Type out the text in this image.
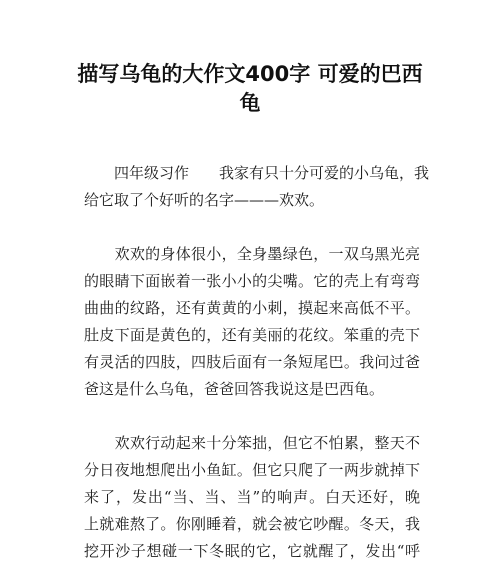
描写乌龟的大作文400字 可爱的巴西
龟
　　四年级习作　　我家有只十分可爱的小乌龟，我
给它取了个好听的名字———欢欢。
　　欢欢的身体很小，全身墨绿色，一双乌黑光亮
的眼睛下面嵌着一张小小的尖嘴。它的壳上有弯弯
曲曲的纹路，还有黄黄的小刺，摸起来高低不平。
肚皮下面是黄色的，还有美丽的花纹。笨重的壳下
有灵活的四肢，四肢后面有一条短尾巴。我问过爸
爸这是什么乌龟，爸爸回答我说这是巴西龟。
　　欢欢行动起来十分笨拙，但它不怕累，整天不
分日夜地想爬出小鱼缸。但它只爬了一两步就掉下
来了，发出“当、当、当”的响声。白天还好，晚
上就难熬了。你刚睡着，就会被它吵醒。冬天，我
挖开沙子想碰一下冬眠的它，它就醒了，发出“呼
